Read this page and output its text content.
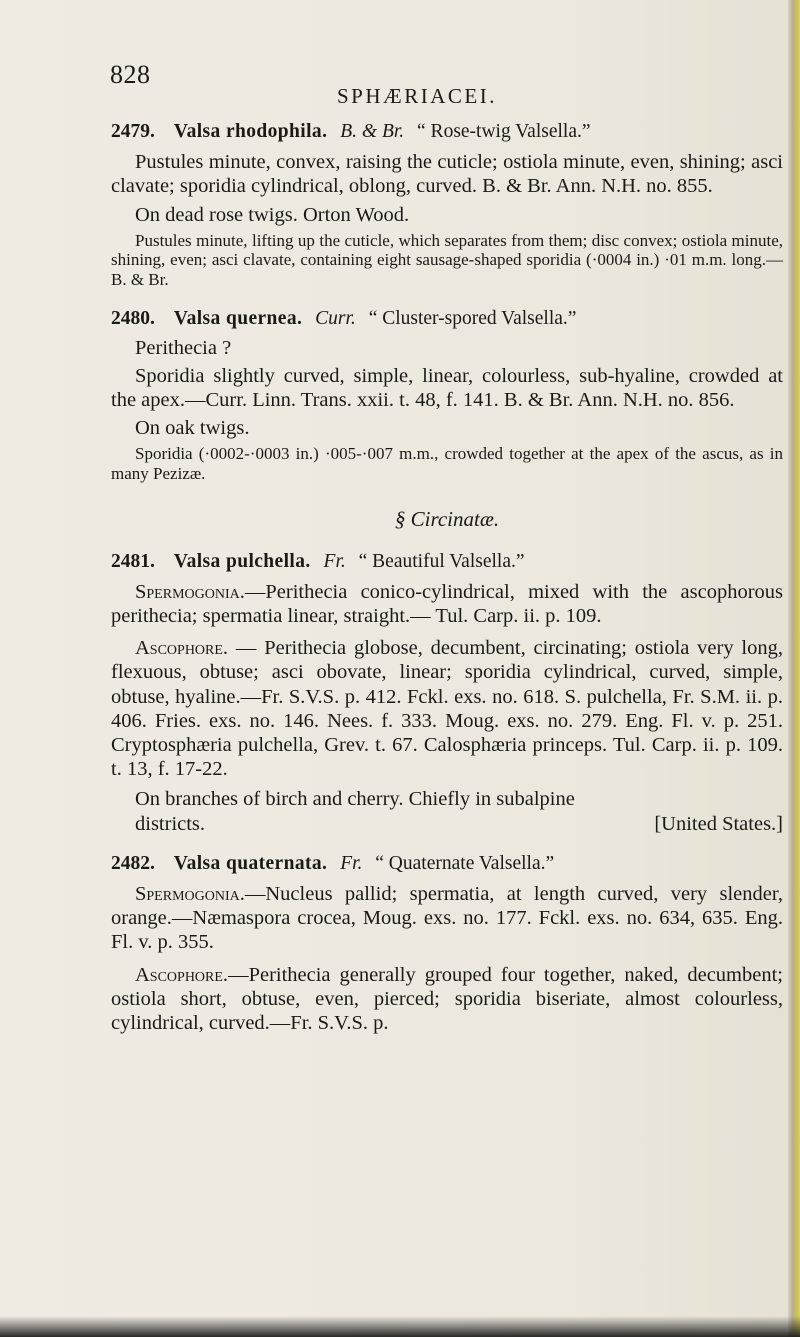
828
SPHÆRIACEI.
2479. Valsa rhodophila. B. & Br. “ Rose-twig Valsella.”

Pustules minute, convex, raising the cuticle; ostiola minute, even, shining; asci clavate; sporidia cylindrical, oblong, curved. B. & Br. Ann. N.H. no. 855.

On dead rose twigs. Orton Wood.

Pustules minute, lifting up the cuticle, which separates from them; disc convex; ostiola minute, shining, even; asci clavate, containing eight sausage-shaped sporidia (·0004 in.) ·01 m.m. long.—B. & Br.

2480. Valsa quernea. Curr. “ Cluster-spored Valsella.”

Perithecia ?

Sporidia slightly curved, simple, linear, colourless, sub-hyaline, crowded at the apex.—Curr. Linn. Trans. xxii. t. 48, f. 141. B. & Br. Ann. N.H. no. 856.

On oak twigs.

Sporidia (·0002-·0003 in.) ·005-·007 m.m., crowded together at the apex of the ascus, as in many Pezizæ.

§ Circinatæ.
2481. Valsa pulchella. Fr. “ Beautiful Valsella.”

Spermogonia.—Perithecia conico-cylindrical, mixed with the ascophorous perithecia; spermatia linear, straight.— Tul. Carp. ii. p. 109.

Ascophore. — Perithecia globose, decumbent, circinating; ostiola very long, flexuous, obtuse; asci obovate, linear; sporidia cylindrical, curved, simple, obtuse, hyaline.—Fr. S.V.S. p. 412. Fckl. exs. no. 618. S. pulchella, Fr. S.M. ii. p. 406. Fries. exs. no. 146. Nees. f. 333. Moug. exs. no. 279. Eng. Fl. v. p. 251. Cryptosphæria pulchella, Grev. t. 67. Calosphæria princeps. Tul. Carp. ii. p. 109. t. 13, f. 17-22.

On branches of birch and cherry. Chiefly in subalpine districts.	[United States.]
2482. Valsa quaternata. Fr. “ Quaternate Valsella.”

Spermogonia.—Nucleus pallid; spermatia, at length curved, very slender, orange.—Næmaspora crocea, Moug. exs. no. 177. Fckl. exs. no. 634, 635. Eng. Fl. v. p. 355.

Ascophore.—Perithecia generally grouped four together, naked, decumbent; ostiola short, obtuse, even, pierced; sporidia biseriate, almost colourless, cylindrical, curved.—Fr. S.V.S. p.
